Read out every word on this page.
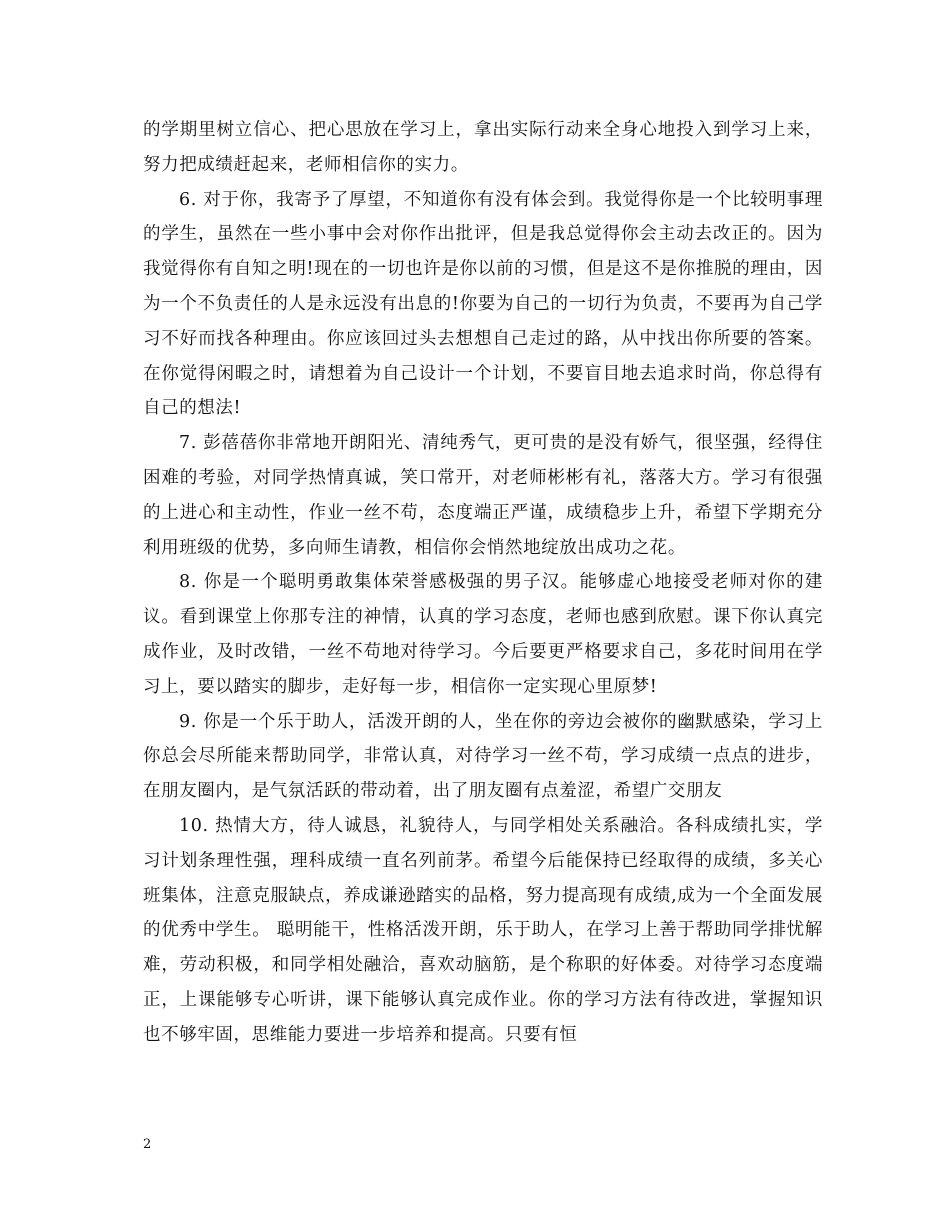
的学期里树立信心、把心思放在学习上，拿出实际行动来全身心地投入到学习上来，努力把成绩赶起来，老师相信你的实力。

6. 对于你，我寄予了厚望，不知道你有没有体会到。我觉得你是一个比较明事理的学生，虽然在一些小事中会对你作出批评，但是我总觉得你会主动去改正的。因为我觉得你有自知之明!现在的一切也许是你以前的习惯，但是这不是你推脱的理由，因为一个不负责任的人是永远没有出息的!你要为自己的一切行为负责，不要再为自己学习不好而找各种理由。你应该回过头去想想自己走过的路，从中找出你所要的答案。在你觉得闲暇之时，请想着为自己设计一个计划，不要盲目地去追求时尚，你总得有自己的想法!

7. 彭蓓蓓你非常地开朗阳光、清纯秀气，更可贵的是没有娇气，很坚强，经得住困难的考验，对同学热情真诚，笑口常开，对老师彬彬有礼，落落大方。学习有很强的上进心和主动性，作业一丝不苟，态度端正严谨，成绩稳步上升，希望下学期充分利用班级的优势，多向师生请教，相信你会悄然地绽放出成功之花。

8. 你是一个聪明勇敢集体荣誉感极强的男子汉。能够虚心地接受老师对你的建议。看到课堂上你那专注的神情，认真的学习态度，老师也感到欣慰。课下你认真完成作业，及时改错，一丝不苟地对待学习。今后要更严格要求自己，多花时间用在学习上，要以踏实的脚步，走好每一步，相信你一定实现心里原梦!

9. 你是一个乐于助人，活泼开朗的人，坐在你的旁边会被你的幽默感染，学习上你总会尽所能来帮助同学，非常认真，对待学习一丝不苟，学习成绩一点点的进步，在朋友圈内，是气氛活跃的带动着，出了朋友圈有点羞涩，希望广交朋友

10. 热情大方，待人诚恳，礼貌待人，与同学相处关系融洽。各科成绩扎实，学习计划条理性强，理科成绩一直名列前茅。希望今后能保持已经取得的成绩，多关心班集体，注意克服缺点，养成谦逊踏实的品格，努力提高现有成绩,成为一个全面发展的优秀中学生。 聪明能干，性格活泼开朗，乐于助人，在学习上善于帮助同学排忧解难，劳动积极，和同学相处融洽，喜欢动脑筋，是个称职的好体委。对待学习态度端正，上课能够专心听讲，课下能够认真完成作业。你的学习方法有待改进，掌握知识也不够牢固，思维能力要进一步培养和提高。只要有恒

2
